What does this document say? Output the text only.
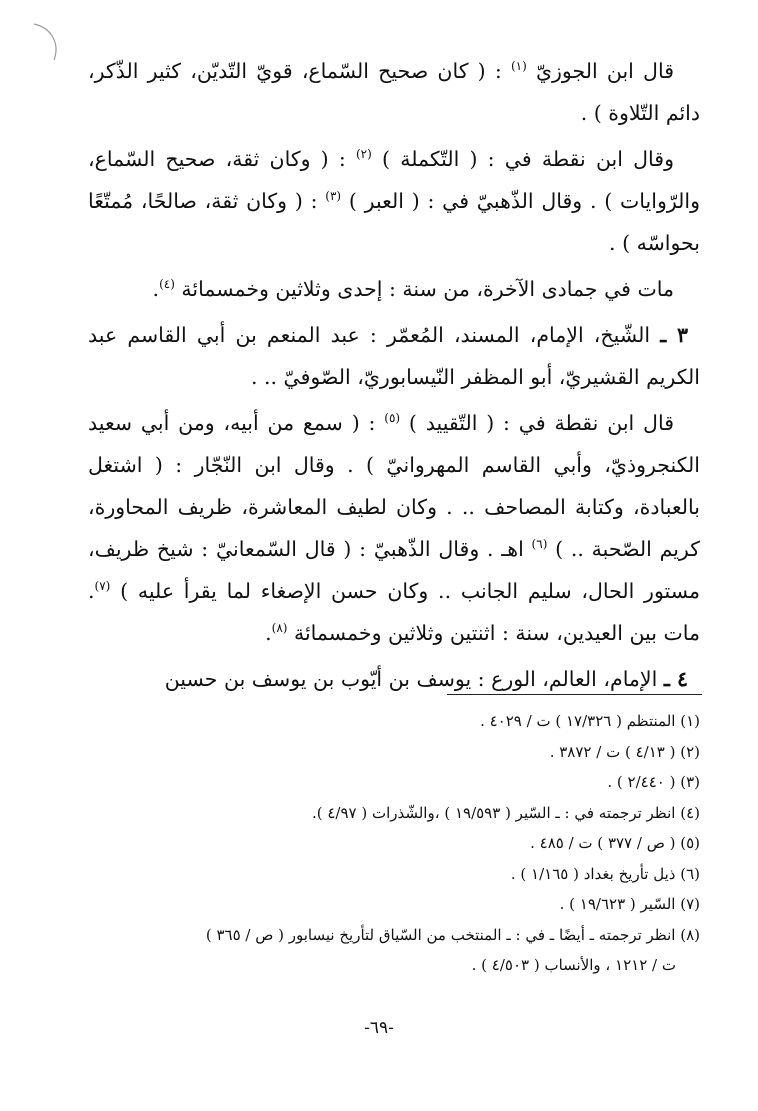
قال ابن الجوزيّ $^{(١)}$ : ( كان صحيح السّماع، قويّ التّديّن، كثير الذّكر، دائم التّلاوة ) .

وقال ابن نقطة في : ( التّكملة ) $^{(٢)}$ : ( وكان ثقة، صحيح السّماع، والرّوايات ) . وقال الذّهبيّ في : ( العبر ) $^{(٣)}$ : ( وكان ثقة، صالحًا، مُمتّعًا بحواسّه ) .

مات في جمادى الآخرة، من سنة : إحدى وثلاثين وخمسمائة $^{(٤)}$.

٣ ـ الشّيخ، الإمام، المسند، المُعمّر : عبد المنعم بن أبي القاسم عبد الكريم القشيريّ، أبو المظفر النّيسابوريّ، الصّوفيّ .. .

قال ابن نقطة في : ( التّقييد ) $^{(٥)}$ : ( سمع من أبيه، ومن أبي سعيد الكنجروذيّ، وأبي القاسم المهروانيّ ) . وقال ابن النّجّار : ( اشتغل بالعبادة، وكتابة المصاحف .. . وكان لطيف المعاشرة، ظريف المحاورة، كريم الصّحبة .. ) $^{(٦)}$ اهـ . وقال الذّهبيّ : ( قال السّمعانيّ : شيخ ظريف، مستور الحال، سليم الجانب .. وكان حسن الإصغاء لما يقرأ عليه ) $^{(٧)}$. مات بين العيدين، سنة : اثنتين وثلاثين وخمسمائة $^{(٨)}$.

٤ ـ الإمام، العالم، الورع : يوسف بن أيّوب بن يوسف بن حسين

(١) المنتظم ( ١٧/٣٢٦ ) ت / ٤٠٢٩ .
(٢) ( ٤/١٣ ) ت / ٣٨٧٢ .
(٣) ( ٢/٤٤٠ ) .
(٤) انظر ترجمته في : ـ السّير ( ١٩/٥٩٣ ) ،والشّذرات ( ٤/٩٧ ).
(٥) ( ص / ٣٧٧ ) ت / ٤٨٥ .
(٦) ذيل تأريخ بغداد ( ١/١٦٥ ) .
(٧) السّير ( ١٩/٦٢٣ ) .
(٨) انظر ترجمته ـ أيضًا ـ في : ـ المنتخب من السّياق لتأريخ نيسابور ( ص / ٣٦٥ )
ت / ١٢١٢ ، والأنساب ( ٤/٥٠٣ ) .
-٦٩-
